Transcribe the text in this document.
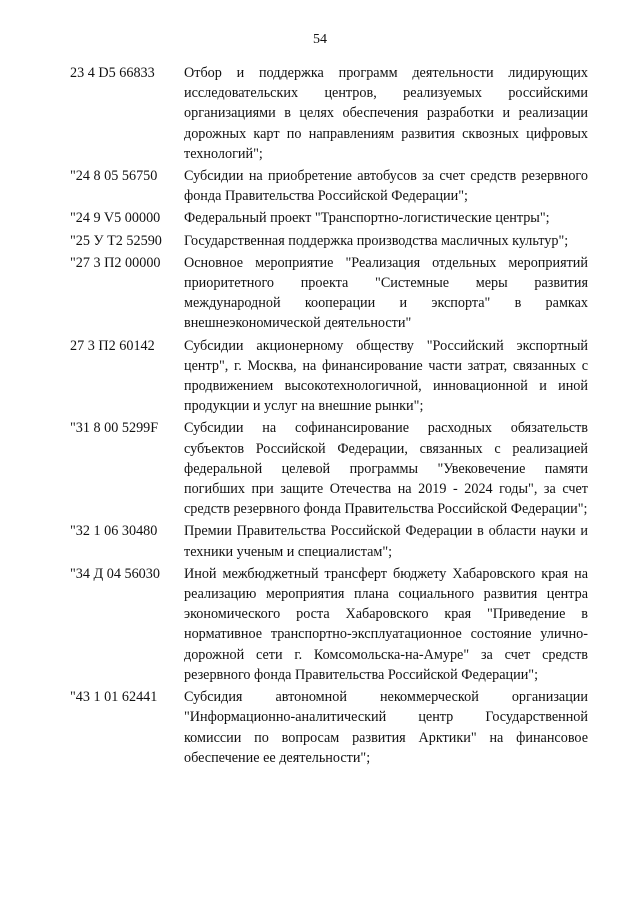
54
23 4 D5 66833	Отбор и поддержка программ деятельности лидирующих исследовательских центров, реализуемых российскими организациями в целях обеспечения разработки и реализации дорожных карт по направлениям развития сквозных цифровых технологий";
"24 8 05 56750	Субсидии на приобретение автобусов за счет средств резервного фонда Правительства Российской Федерации";
"24 9 V5 00000	Федеральный проект "Транспортно-логистические центры";
"25 У Т2 52590	Государственная поддержка производства масличных культур";
"27 3 П2 00000	Основное мероприятие "Реализация отдельных мероприятий приоритетного проекта "Системные меры развития международной кооперации и экспорта" в рамках внешнеэкономической деятельности"
27 3 П2 60142	Субсидии акционерному обществу "Российский экспортный центр", г. Москва, на финансирование части затрат, связанных с продвижением высокотехнологичной, инновационной и иной продукции и услуг на внешние рынки";
"31 8 00 5299F	Субсидии на софинансирование расходных обязательств субъектов Российской Федерации, связанных с реализацией федеральной целевой программы "Увековечение памяти погибших при защите Отечества на 2019 - 2024 годы", за счет средств резервного фонда Правительства Российской Федерации";
"32 1 06 30480	Премии Правительства Российской Федерации в области науки и техники ученым и специалистам";
"34 Д 04 56030	Иной межбюджетный трансферт бюджету Хабаровского края на реализацию мероприятия плана социального развития центра экономического роста Хабаровского края "Приведение в нормативное транспортно-эксплуатационное состояние улично-дорожной сети г. Комсомольска-на-Амуре" за счет средств резервного фонда Правительства Российской Федерации";
"43 1 01 62441	Субсидия автономной некоммерческой организации "Информационно-аналитический центр Государственной комиссии по вопросам развития Арктики" на финансовое обеспечение ее деятельности";
